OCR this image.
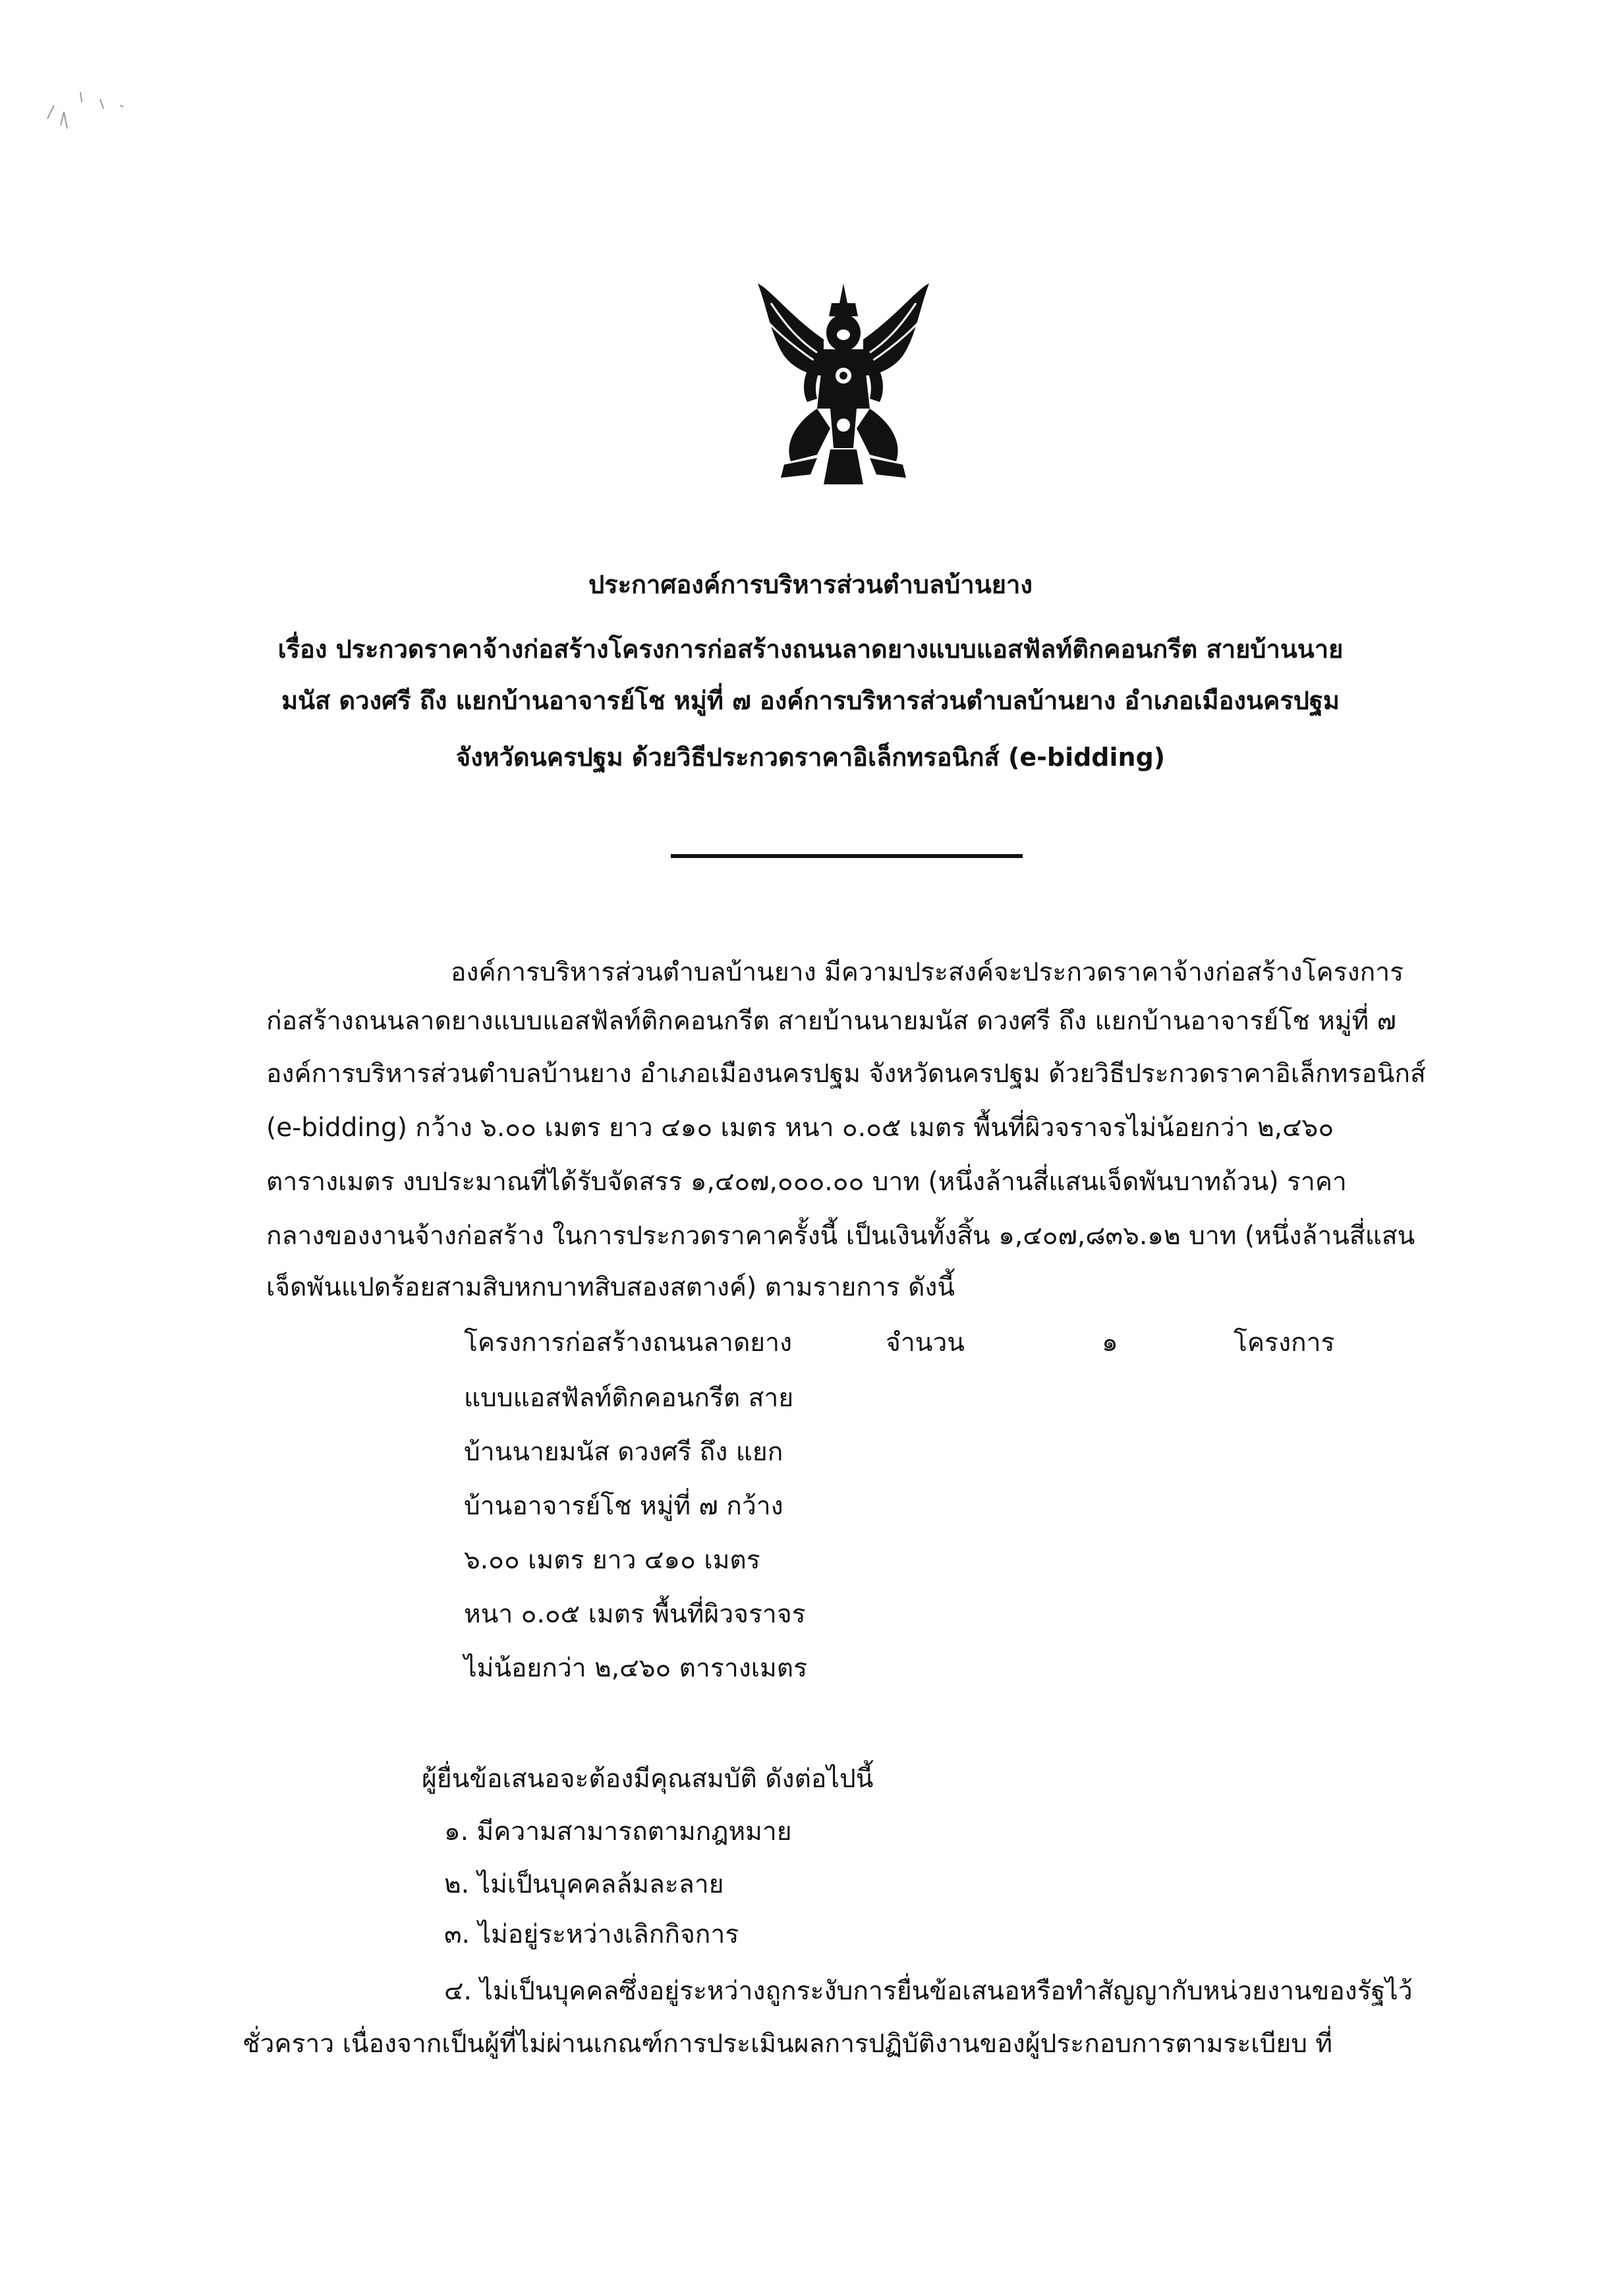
ประกาศองค์การบริหารส่วนตำบลบ้านยาง
เรื่อง ประกวดราคาจ้างก่อสร้างโครงการก่อสร้างถนนลาดยางแบบแอสฟัลท์ติกคอนกรีต สายบ้านนาย
มนัส ดวงศรี ถึง แยกบ้านอาจารย์โช หมู่ที่ ๗ องค์การบริหารส่วนตำบลบ้านยาง อำเภอเมืองนครปฐม
จังหวัดนครปฐม ด้วยวิธีประกวดราคาอิเล็กทรอนิกส์ (e-bidding)
องค์การบริหารส่วนตำบลบ้านยาง มีความประสงค์จะประกวดราคาจ้างก่อสร้างโครงการ
ก่อสร้างถนนลาดยางแบบแอสฟัลท์ติกคอนกรีต สายบ้านนายมนัส ดวงศรี ถึง แยกบ้านอาจารย์โช หมู่ที่ ๗
องค์การบริหารส่วนตำบลบ้านยาง อำเภอเมืองนครปฐม จังหวัดนครปฐม ด้วยวิธีประกวดราคาอิเล็กทรอนิกส์
(e-bidding) กว้าง ๖.๐๐ เมตร ยาว ๔๑๐ เมตร หนา ๐.๐๕ เมตร พื้นที่ผิวจราจรไม่น้อยกว่า ๒,๔๖๐
ตารางเมตร งบประมาณที่ได้รับจัดสรร ๑,๔๐๗,๐๐๐.๐๐ บาท (หนึ่งล้านสี่แสนเจ็ดพันบาทถ้วน) ราคา
กลางของงานจ้างก่อสร้าง ในการประกวดราคาครั้งนี้ เป็นเงินทั้งสิ้น ๑,๔๐๗,๘๓๖.๑๒ บาท (หนึ่งล้านสี่แสน
เจ็ดพันแปดร้อยสามสิบหกบาทสิบสองสตางค์) ตามรายการ ดังนี้
โครงการก่อสร้างถนนลาดยาง
แบบแอสฟัลท์ติกคอนกรีต สาย
บ้านนายมนัส ดวงศรี ถึง แยก
บ้านอาจารย์โช หมู่ที่ ๗ กว้าง
๖.๐๐ เมตร ยาว ๔๑๐ เมตร
หนา ๐.๐๕ เมตร พื้นที่ผิวจราจร
ไม่น้อยกว่า ๒,๔๖๐ ตารางเมตร
จำนวน	๑	โครงการ
ผู้ยื่นข้อเสนอจะต้องมีคุณสมบัติ ดังต่อไปนี้
๑. มีความสามารถตามกฎหมาย
๒. ไม่เป็นบุคคลล้มละลาย
๓. ไม่อยู่ระหว่างเลิกกิจการ
๔. ไม่เป็นบุคคลซึ่งอยู่ระหว่างถูกระงับการยื่นข้อเสนอหรือทำสัญญากับหน่วยงานของรัฐไว้
ชั่วคราว เนื่องจากเป็นผู้ที่ไม่ผ่านเกณฑ์การประเมินผลการปฏิบัติงานของผู้ประกอบการตามระเบียบ ที่
